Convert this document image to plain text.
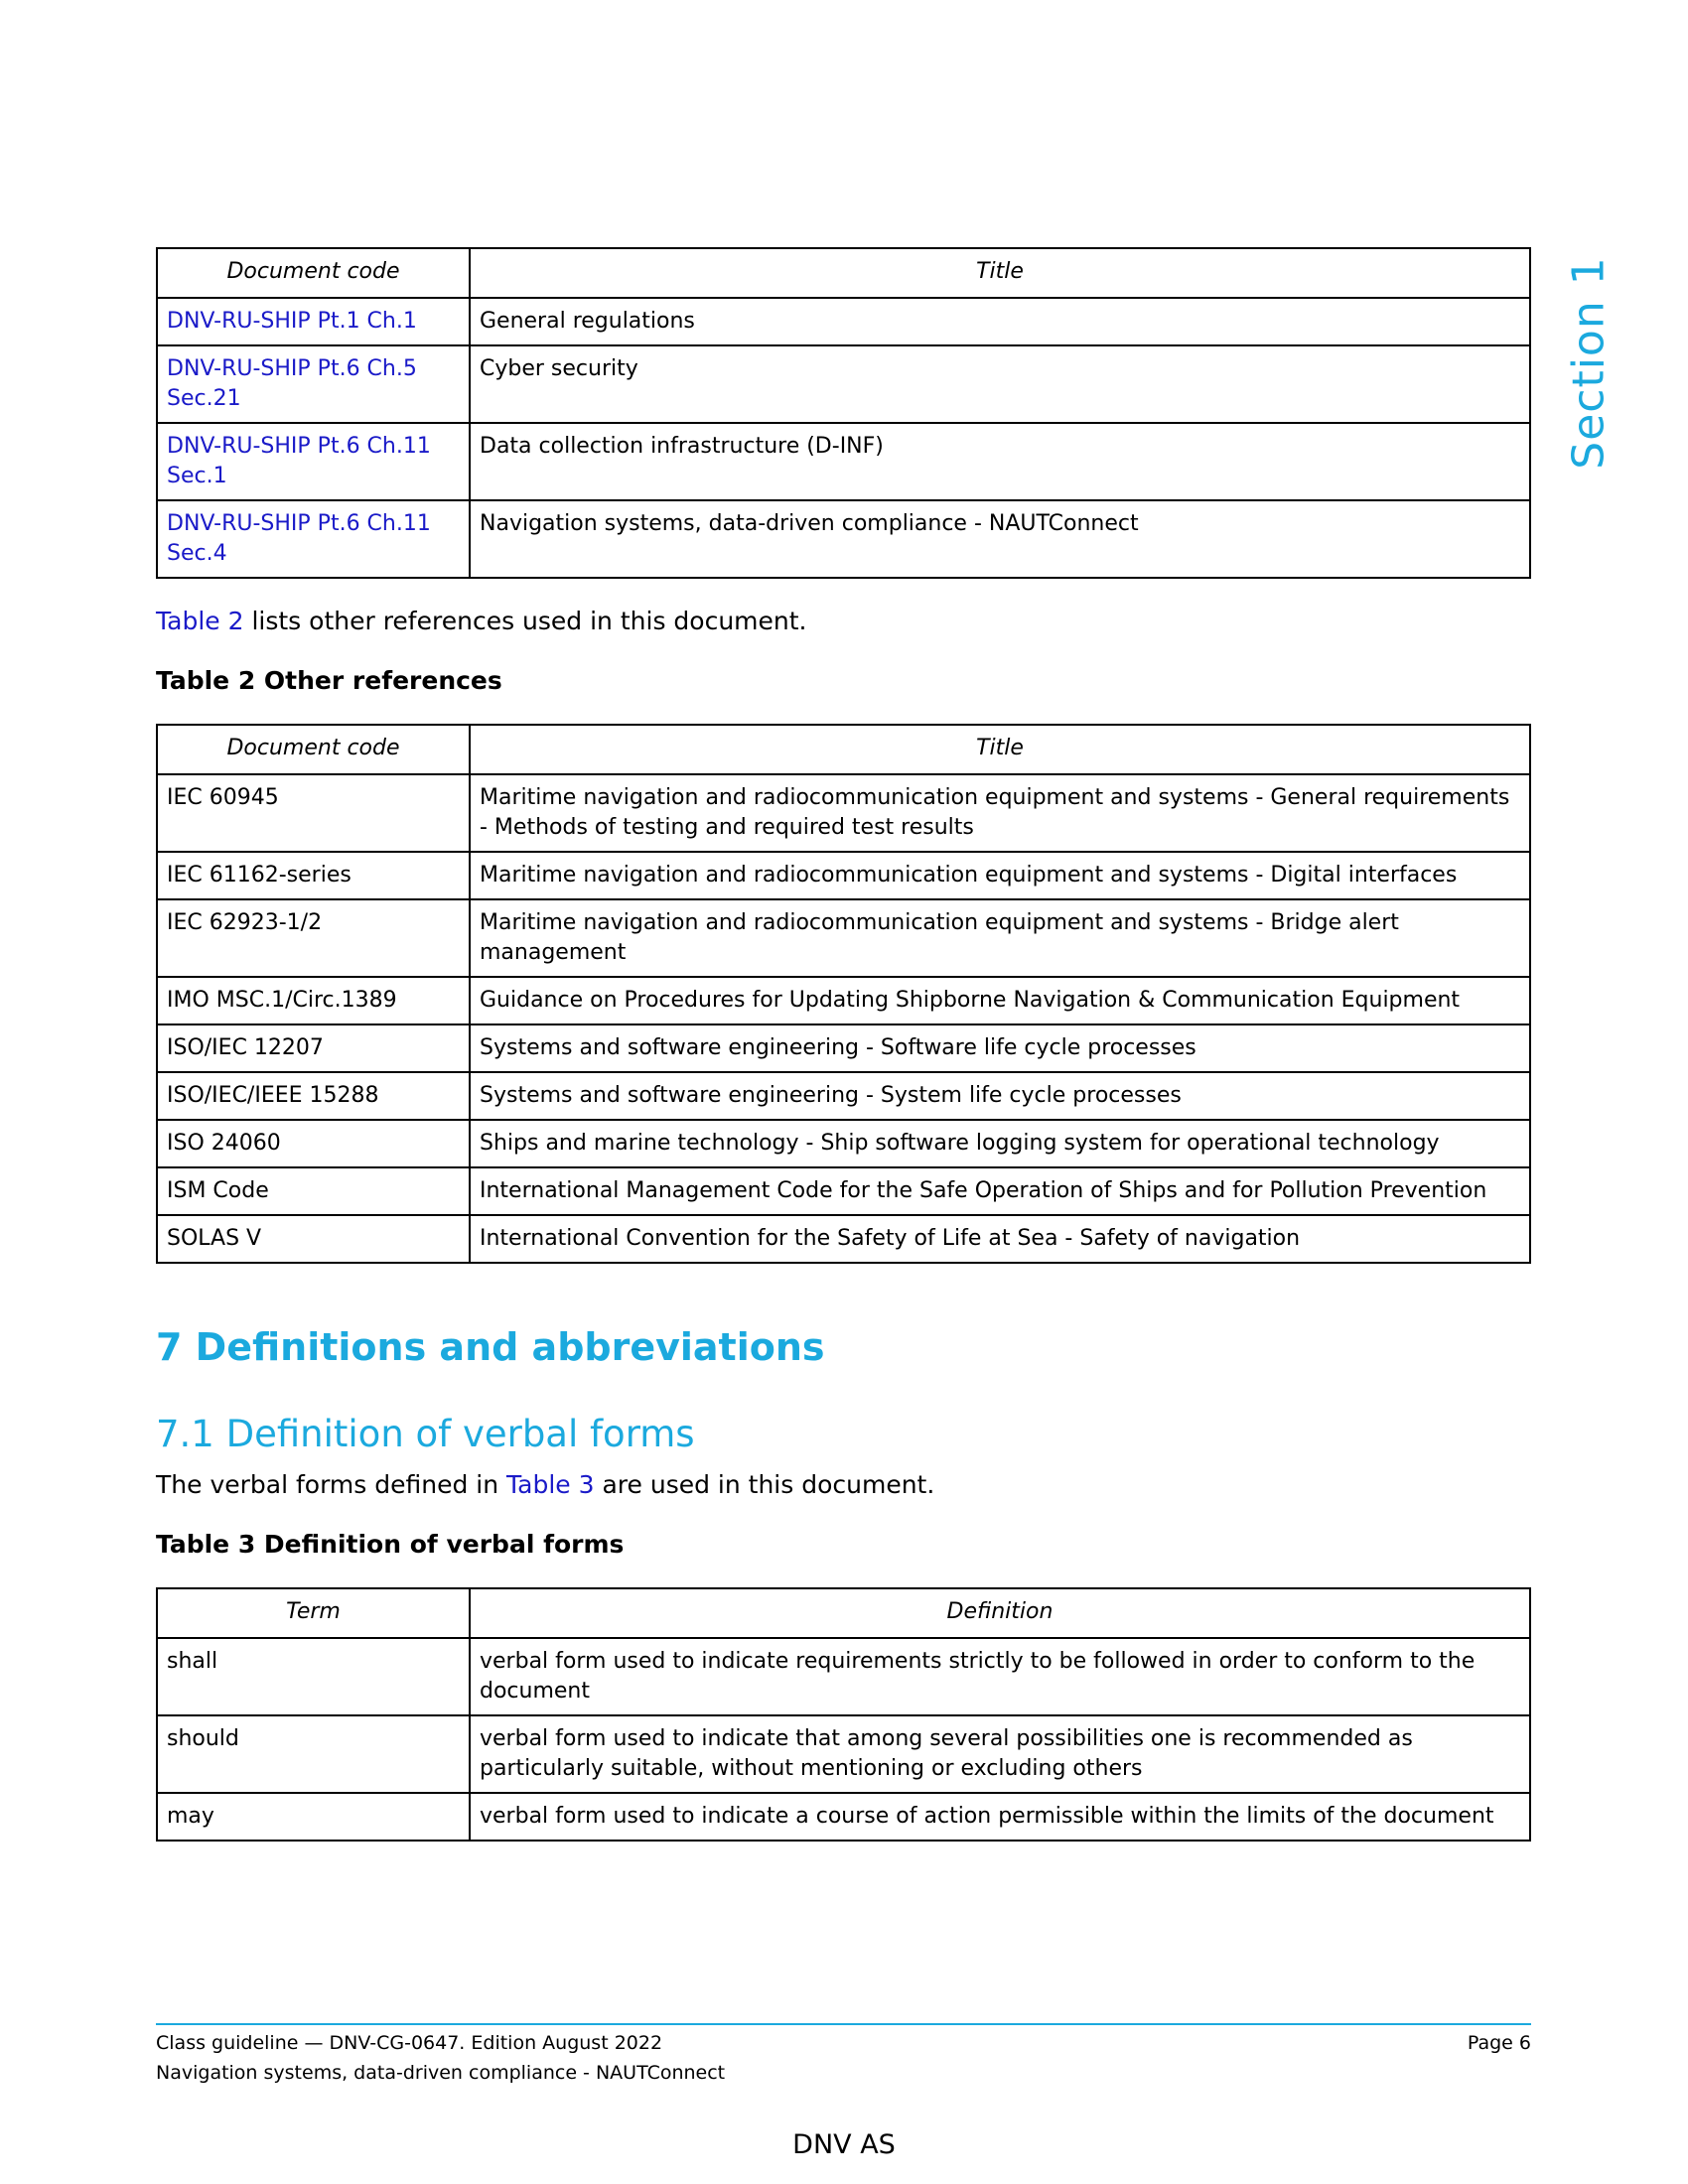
Section 1
Document code	Title
DNV-RU-SHIP Pt.1 Ch.1	General regulations
DNV-RU-SHIP Pt.6 Ch.5 Sec.21	Cyber security
DNV-RU-SHIP Pt.6 Ch.11 Sec.1	Data collection infrastructure (D-INF)
DNV-RU-SHIP Pt.6 Ch.11 Sec.4	Navigation systems, data-driven compliance - NAUTConnect
Table 2 lists other references used in this document.
Table 2 Other references
Document code	Title
IEC 60945	Maritime navigation and radiocommunication equipment and systems - General requirements - Methods of testing and required test results
IEC 61162-series	Maritime navigation and radiocommunication equipment and systems - Digital interfaces
IEC 62923-1/2	Maritime navigation and radiocommunication equipment and systems - Bridge alert management
IMO MSC.1/Circ.1389	Guidance on Procedures for Updating Shipborne Navigation & Communication Equipment
ISO/IEC 12207	Systems and software engineering - Software life cycle processes
ISO/IEC/IEEE 15288	Systems and software engineering - System life cycle processes
ISO 24060	Ships and marine technology - Ship software logging system for operational technology
ISM Code	International Management Code for the Safe Operation of Ships and for Pollution Prevention
SOLAS V	International Convention for the Safety of Life at Sea - Safety of navigation
7 Definitions and abbreviations
7.1 Definition of verbal forms
The verbal forms defined in Table 3 are used in this document.
Table 3 Definition of verbal forms
Term	Definition
shall	verbal form used to indicate requirements strictly to be followed in order to conform to the document
should	verbal form used to indicate that among several possibilities one is recommended as particularly suitable, without mentioning or excluding others
may	verbal form used to indicate a course of action permissible within the limits of the document
Class guideline — DNV-CG-0647. Edition August 2022
Navigation systems, data-driven compliance - NAUTConnect
Page 6
DNV AS
